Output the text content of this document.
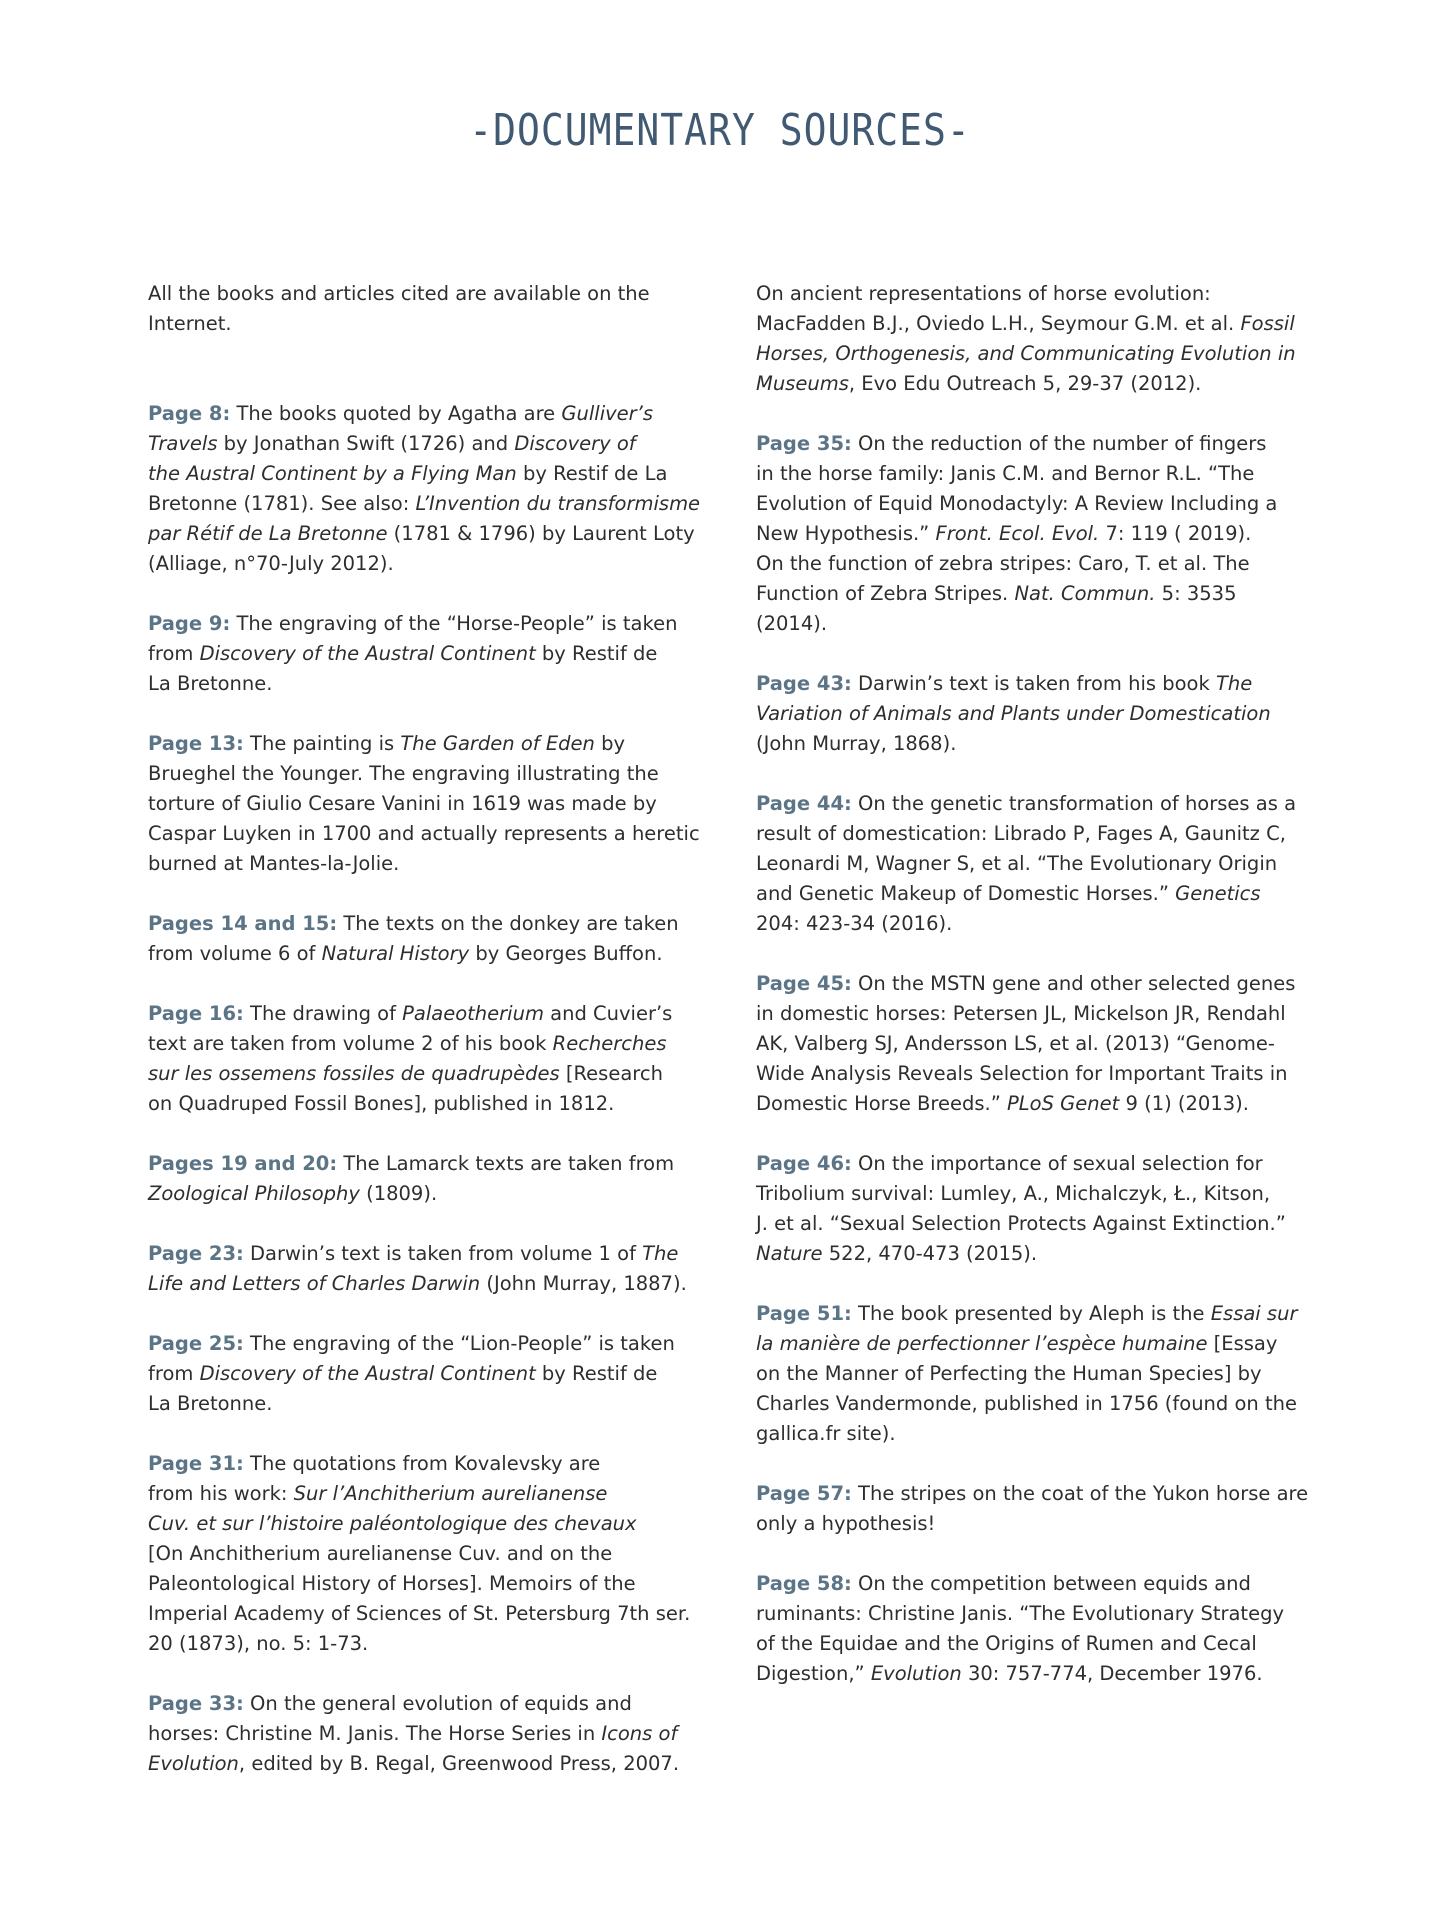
-DOCUMENTARY SOURCES-

All the books and articles cited are available on the
Internet.

Page 8: The books quoted by Agatha are Gulliver’s
Travels by Jonathan Swift (1726) and Discovery of
the Austral Continent by a Flying Man by Restif de La
Bretonne (1781). See also: L’Invention du transformisme
par Rétif de La Bretonne (1781 & 1796) by Laurent Loty
(Alliage, n°70-July 2012).

Page 9: The engraving of the “Horse-People” is taken
from Discovery of the Austral Continent by Restif de
La Bretonne.

Page 13: The painting is The Garden of Eden by
Brueghel the Younger. The engraving illustrating the
torture of Giulio Cesare Vanini in 1619 was made by
Caspar Luyken in 1700 and actually represents a heretic
burned at Mantes-la-Jolie.

Pages 14 and 15: The texts on the donkey are taken
from volume 6 of Natural History by Georges Buffon.

Page 16: The drawing of Palaeotherium and Cuvier’s
text are taken from volume 2 of his book Recherches
sur les ossemens fossiles de quadrupèdes [Research
on Quadruped Fossil Bones], published in 1812.

Pages 19 and 20: The Lamarck texts are taken from
Zoological Philosophy (1809).

Page 23: Darwin’s text is taken from volume 1 of The
Life and Letters of Charles Darwin (John Murray, 1887).

Page 25: The engraving of the “Lion-People” is taken
from Discovery of the Austral Continent by Restif de
La Bretonne.

Page 31: The quotations from Kovalevsky are
from his work: Sur l’Anchitherium aurelianense
Cuv. et sur l’histoire paléontologique des chevaux
[On Anchitherium aurelianense Cuv. and on the
Paleontological History of Horses]. Memoirs of the
Imperial Academy of Sciences of St. Petersburg 7th ser.
20 (1873), no. 5: 1-73.

Page 33: On the general evolution of equids and
horses: Christine M. Janis. The Horse Series in Icons of
Evolution, edited by B. Regal, Greenwood Press, 2007.

On ancient representations of horse evolution:
MacFadden B.J., Oviedo L.H., Seymour G.M. et al. Fossil
Horses, Orthogenesis, and Communicating Evolution in
Museums, Evo Edu Outreach 5, 29-37 (2012).

Page 35: On the reduction of the number of fingers
in the horse family: Janis C.M. and Bernor R.L. “The
Evolution of Equid Monodactyly: A Review Including a
New Hypothesis.” Front. Ecol. Evol. 7: 119 ( 2019).
On the function of zebra stripes: Caro, T. et al. The
Function of Zebra Stripes. Nat. Commun. 5: 3535
(2014).

Page 43: Darwin’s text is taken from his book The
Variation of Animals and Plants under Domestication
(John Murray, 1868).

Page 44: On the genetic transformation of horses as a
result of domestication: Librado P, Fages A, Gaunitz C,
Leonardi M, Wagner S, et al. “The Evolutionary Origin
and Genetic Makeup of Domestic Horses.” Genetics
204: 423-34 (2016).

Page 45: On the MSTN gene and other selected genes
in domestic horses: Petersen JL, Mickelson JR, Rendahl
AK, Valberg SJ, Andersson LS, et al. (2013) “Genome-
Wide Analysis Reveals Selection for Important Traits in
Domestic Horse Breeds.” PLoS Genet 9 (1) (2013).

Page 46: On the importance of sexual selection for
Tribolium survival: Lumley, A., Michalczyk, Ł., Kitson,
J. et al. “Sexual Selection Protects Against Extinction.”
Nature 522, 470-473 (2015).

Page 51: The book presented by Aleph is the Essai sur
la manière de perfectionner l’espèce humaine [Essay
on the Manner of Perfecting the Human Species] by
Charles Vandermonde, published in 1756 (found on the
gallica.fr site).

Page 57: The stripes on the coat of the Yukon horse are
only a hypothesis!

Page 58: On the competition between equids and
ruminants: Christine Janis. “The Evolutionary Strategy
of the Equidae and the Origins of Rumen and Cecal
Digestion,” Evolution 30: 757-774, December 1976.
